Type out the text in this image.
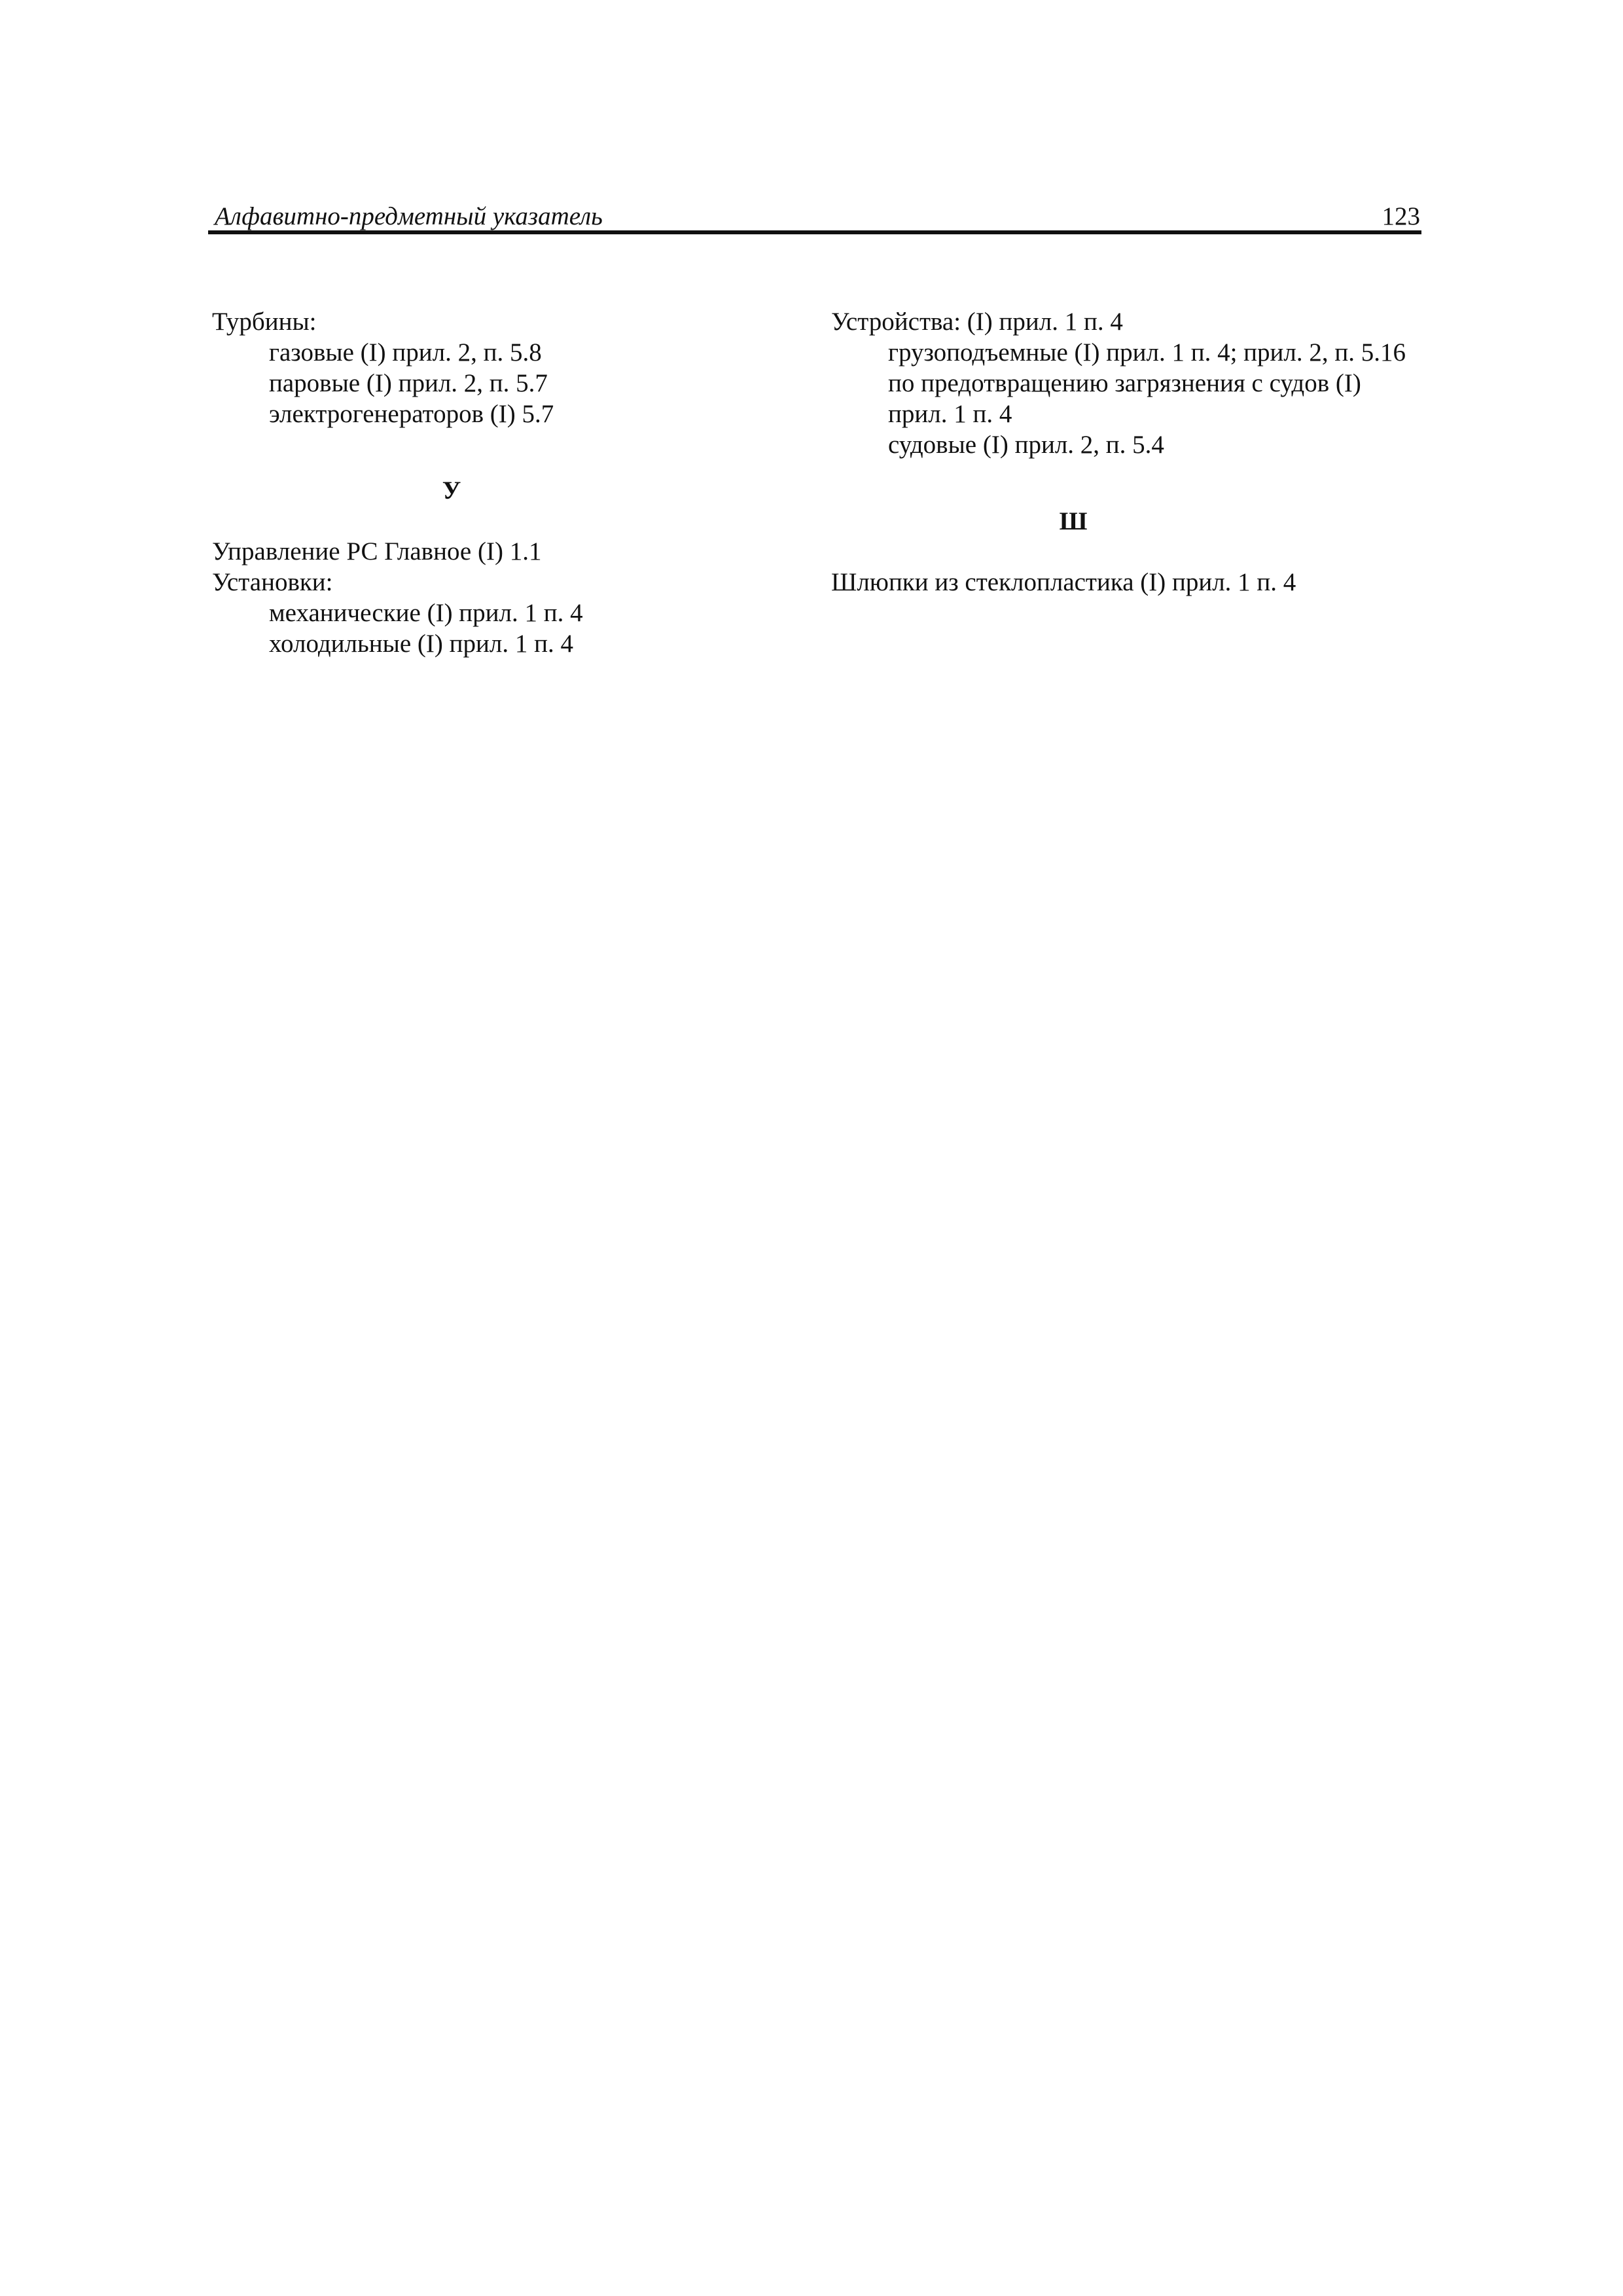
Алфавитно-предметный указатель	123
Турбины:
газовые (I) прил. 2, п. 5.8
паровые (I) прил. 2, п. 5.7
электрогенераторов (I) 5.7
У
Управление РС Главное (I) 1.1
Установки:
механические (I) прил. 1 п. 4
холодильные (I) прил. 1 п. 4
Устройства: (I) прил. 1 п. 4
грузоподъемные (I) прил. 1 п. 4; прил. 2, п. 5.16
по предотвращению загрязнения с судов (I)
прил. 1 п. 4
судовые (I) прил. 2, п. 5.4
Ш
Шлюпки из стеклопластика (I) прил. 1 п. 4
